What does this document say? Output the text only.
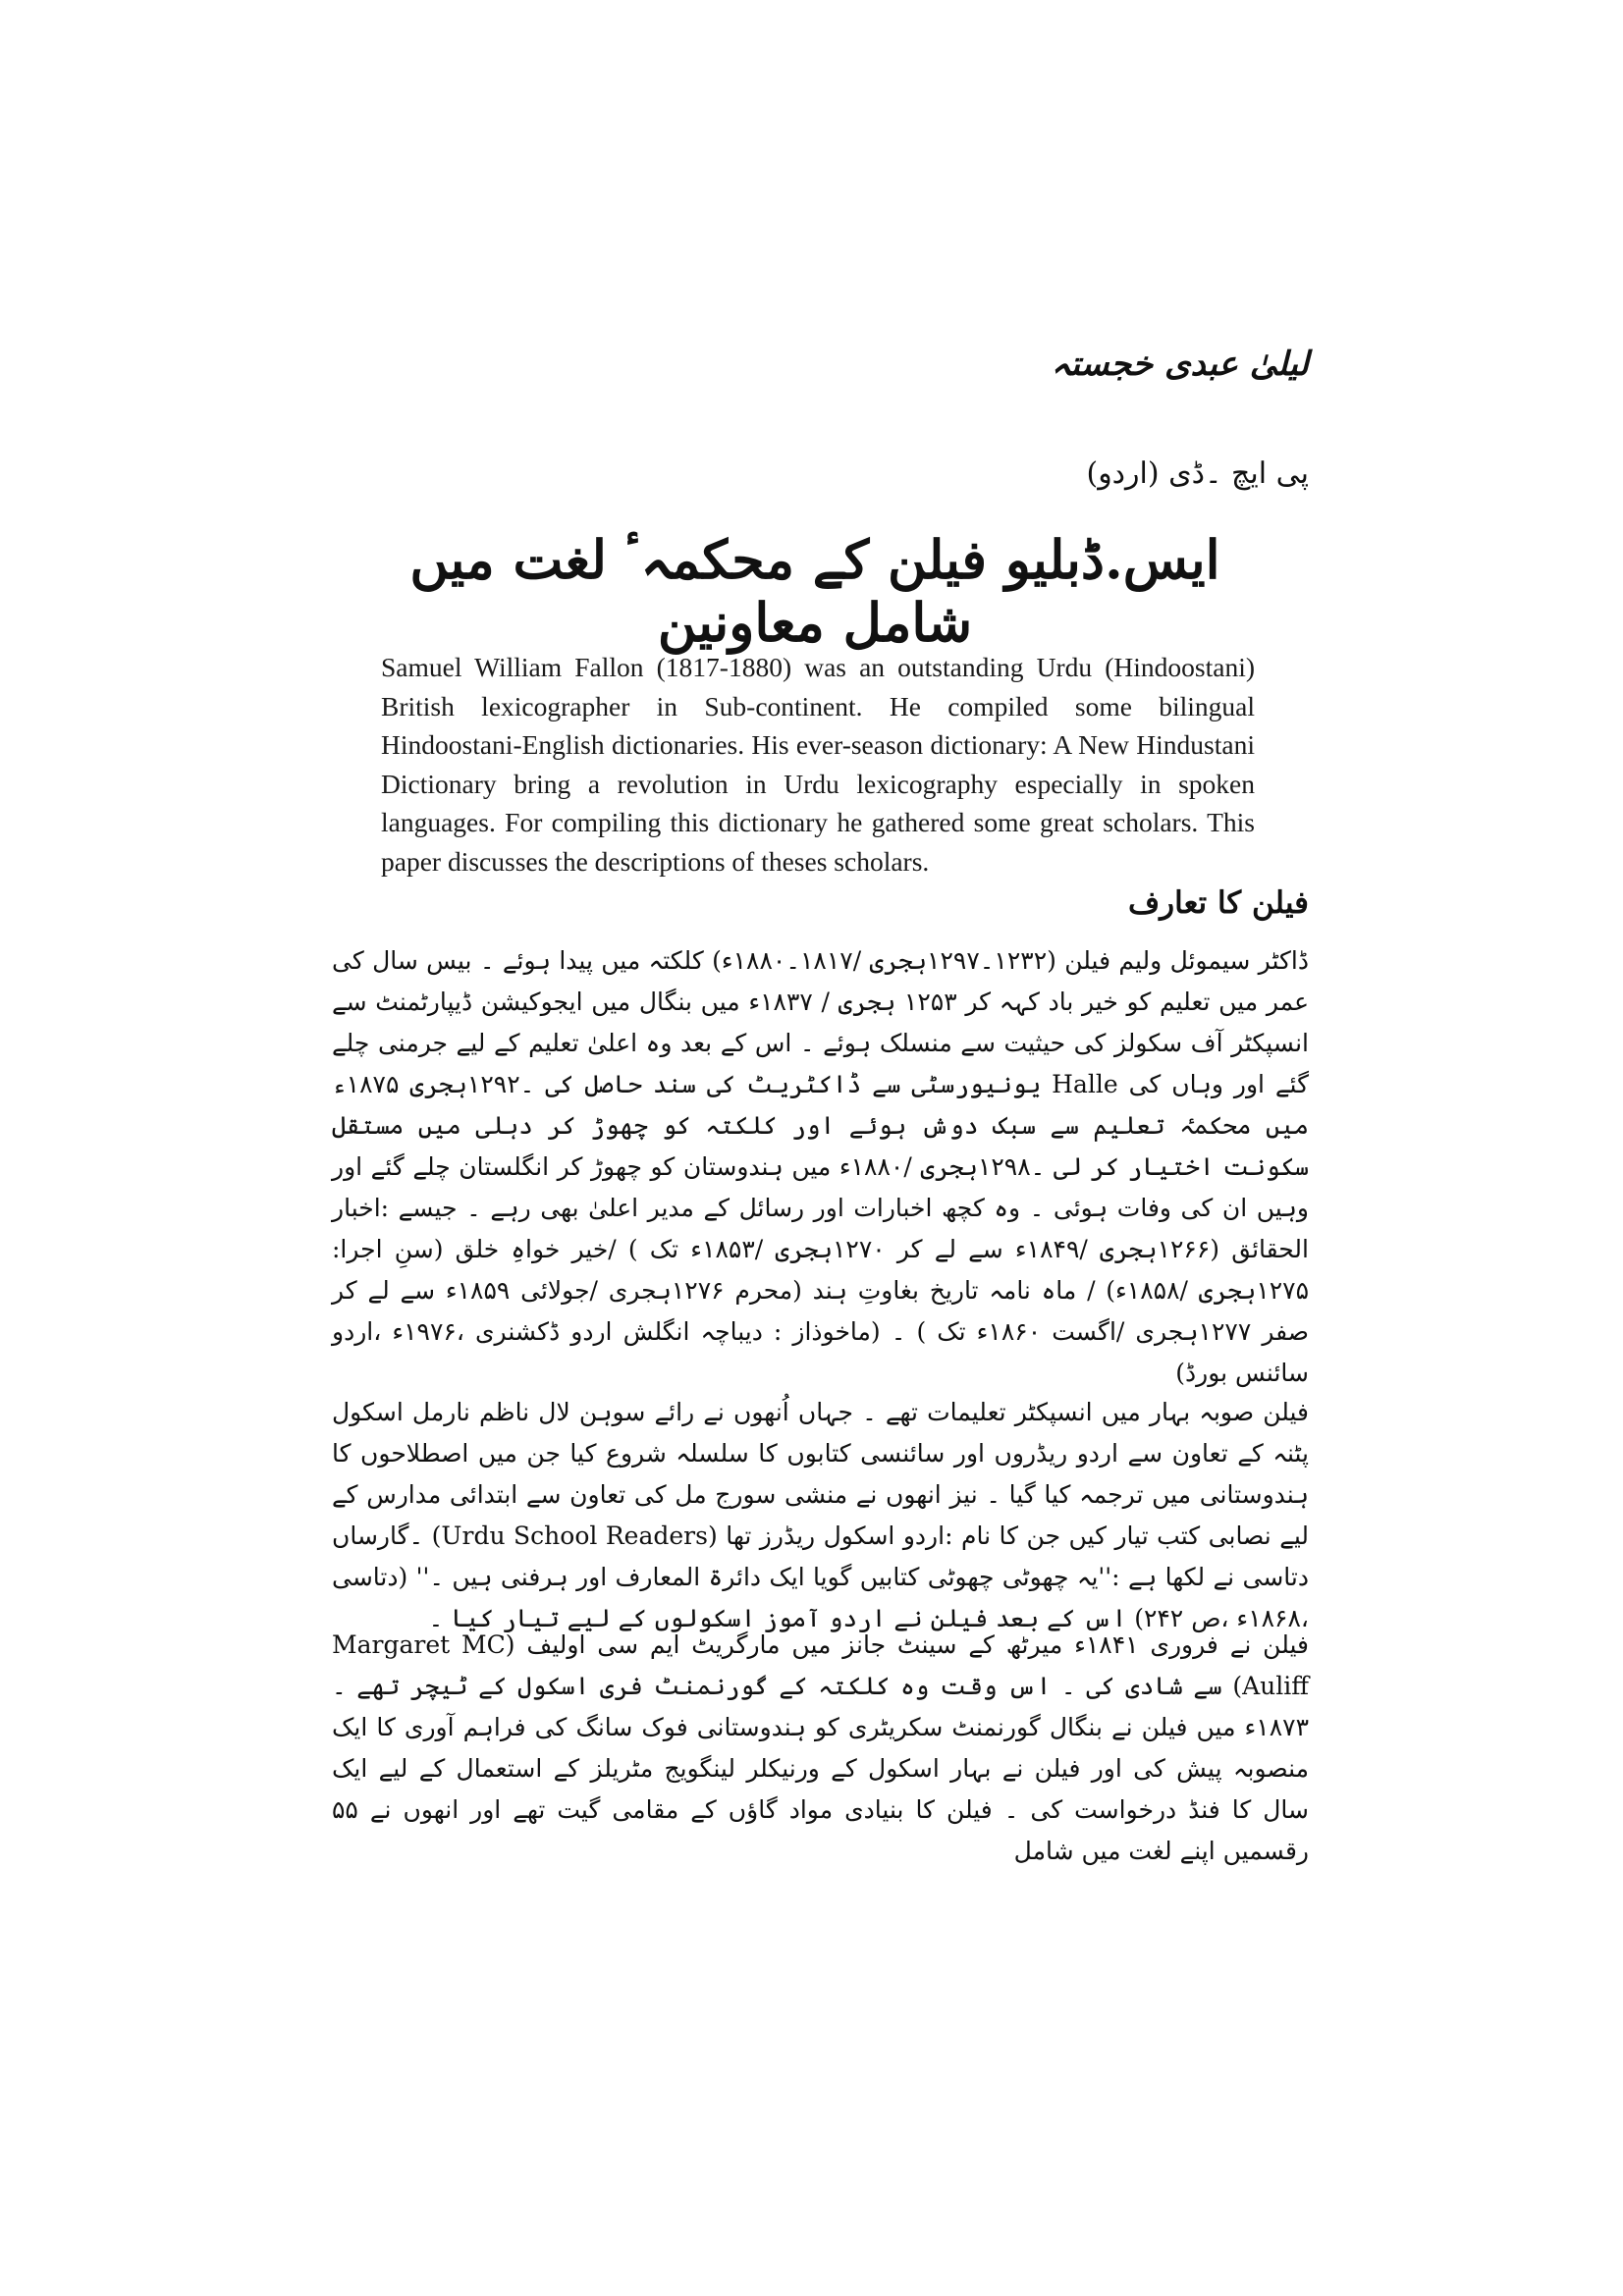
لیلیٰ عبدی خجستہ
پی ایچ ۔ڈی (اردو)
ایس.ڈبلیو فیلن کے محکمہٴ لغت میں شامل معاونین
Samuel William Fallon (1817-1880) was an outstanding Urdu (Hindoostani) British lexicographer in Sub-continent. He compiled some bilingual Hindoostani-English dictionaries. His ever-season dictionary: A New Hindustani Dictionary bring a revolution in Urdu lexicography especially in spoken languages. For compiling this dictionary he gathered some great scholars. This paper discusses the descriptions of theses scholars.
فیلن کا تعارف
ڈاکٹر سیموئل ولیم فیلن (۱۲۳۲۔۱۲۹۷ہجری /۱۸۱۷۔۱۸۸۰ء) کلکتہ میں پیدا ہوئے ۔ بیس سال کی عمر میں تعلیم کو خیر باد کہہ کر ۱۲۵۳ ہجری / ۱۸۳۷ء میں بنگال میں ایجوکیشن ڈیپارٹمنٹ سے انسپکٹر آف سکولز کی حیثیت سے منسلک ہوئے ۔ اس کے بعد وہ اعلیٰ تعلیم کے لیے جرمنی چلے گئے اور وہاں کی Halle یونیورسٹی سے ڈاکٹریٹ کی سند حاصل کی ۔۱۲۹۲ہجری ۱۸۷۵ء میں محکمہٴ تعلیم سے سبک دوش ہوئے اور کلکتہ کو چھوڑ کر دہلی میں مستقل سکونت اختیار کر لی ۔۱۲۹۸ہجری /۱۸۸۰ء میں ہندوستان کو چھوڑ کر انگلستان چلے گئے اور وہیں ان کی وفات ہوئی ۔ وہ کچھ اخبارات اور رسائل کے مدیر اعلیٰ بھی رہے ۔ جیسے :اخبار الحقائق (۱۲۶۶ہجری /۱۸۴۹ء سے لے کر ۱۲۷۰ہجری /۱۸۵۳ء تک ) /خیر خواہِ خلق (سنِ اجرا: ۱۲۷۵ہجری /۱۸۵۸ء) / ماہ نامہ تاریخ بغاوتِ ہند (محرم ۱۲۷۶ہجری /جولائی ۱۸۵۹ء سے لے کر صفر ۱۲۷۷ہجری /اگست ۱۸۶۰ء تک ) ۔ (ماخوذاز : دیباچہ انگلش اردو ڈکشنری ،۱۹۷۶ء ،اردو سائنس بورڈ)
فیلن صوبہ بہار میں انسپکٹر تعلیمات تھے ۔ جہاں اُنھوں نے رائے سوہن لال ناظم نارمل اسکول پٹنہ کے تعاون سے اردو ریڈروں اور سائنسی کتابوں کا سلسلہ شروع کیا جن میں اصطلاحوں کا ہندوستانی میں ترجمہ کیا گیا ۔ نیز انھوں نے منشی سورج مل کی تعاون سے ابتدائی مدارس کے لیے نصابی کتب تیار کیں جن کا نام :اردو اسکول ریڈرز تھا (Urdu School Readers) ۔گارساں دتاسی نے لکھا ہے :''یہ چھوٹی چھوٹی کتابیں گویا ایک دائرۃ المعارف اور ہرفنی ہیں ۔'' (دتاسی ،۱۸۶۸ء ،ص ۲۴۲) اس کے بعد فیلن نے اردو آموز اسکولوں کے لیے تیار کیا ۔
فیلن نے فروری ۱۸۴۱ء میرٹھ کے سینٹ جانز میں مارگریٹ ایم سی اولیف (Margaret MC Auliff) سے شادی کی ۔ اس وقت وہ کلکتہ کے گورنمنٹ فری اسکول کے ٹیچر تھے ۔۱۸۷۳ء میں فیلن نے بنگال گورنمنٹ سکریٹری کو ہندوستانی فوک سانگ کی فراہم آوری کا ایک منصوبہ پیش کی اور فیلن نے بہار اسکول کے ورنیکلر لینگویج مٹریلز کے استعمال کے لیے ایک سال کا فنڈ درخواست کی ۔ فیلن کا بنیادی مواد گاؤں کے مقامی گیت تھے اور انھوں نے ۵۵ رقسمیں اپنے لغت میں شامل
